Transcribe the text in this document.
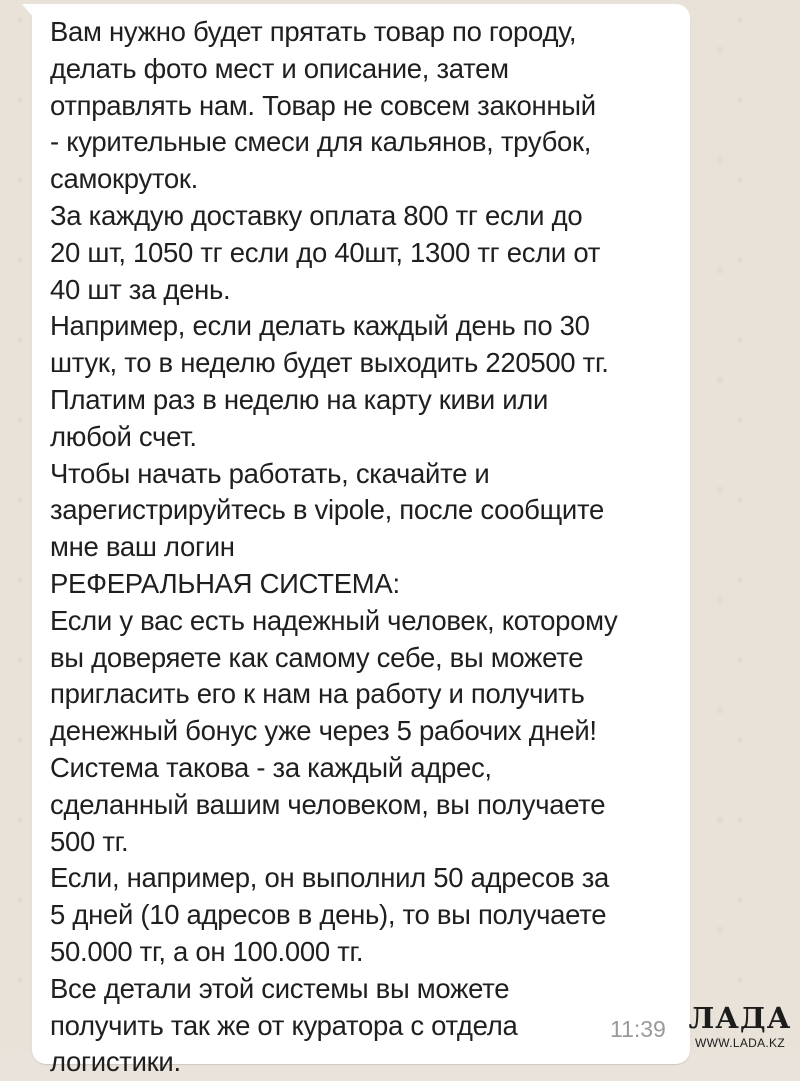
Вам нужно будет прятать товар по городу,
делать фото мест и описание, затем
отправлять нам. Товар не совсем законный
- курительные смеси для кальянов, трубок,
самокруток.
За каждую доставку оплата 800 тг если до
20 шт, 1050 тг если до 40шт, 1300 тг если от
40 шт за день.
Например, если делать каждый день по 30
штук, то в неделю будет выходить 220500 тг.
Платим раз в неделю на карту киви или
любой счет.
Чтобы начать работать, скачайте и
зарегистрируйтесь в vipole, после сообщите
мне ваш логин
РЕФЕРАЛЬНАЯ СИСТЕМА:
Если у вас есть надежный человек, которому
вы доверяете как самому себе, вы можете
пригласить его к нам на работу и получить
денежный бонус уже через 5 рабочих дней!
Система такова - за каждый адрес,
сделанный вашим человеком, вы получаете
500 тг.
Если, например, он выполнил 50 адресов за
5 дней (10 адресов в день), то вы получаете
50.000 тг, а он 100.000 тг.
Все детали этой системы вы можете
получить так же от куратора с отдела
логистики.
11:39 ЛАДА
WWW.LADA.KZ
